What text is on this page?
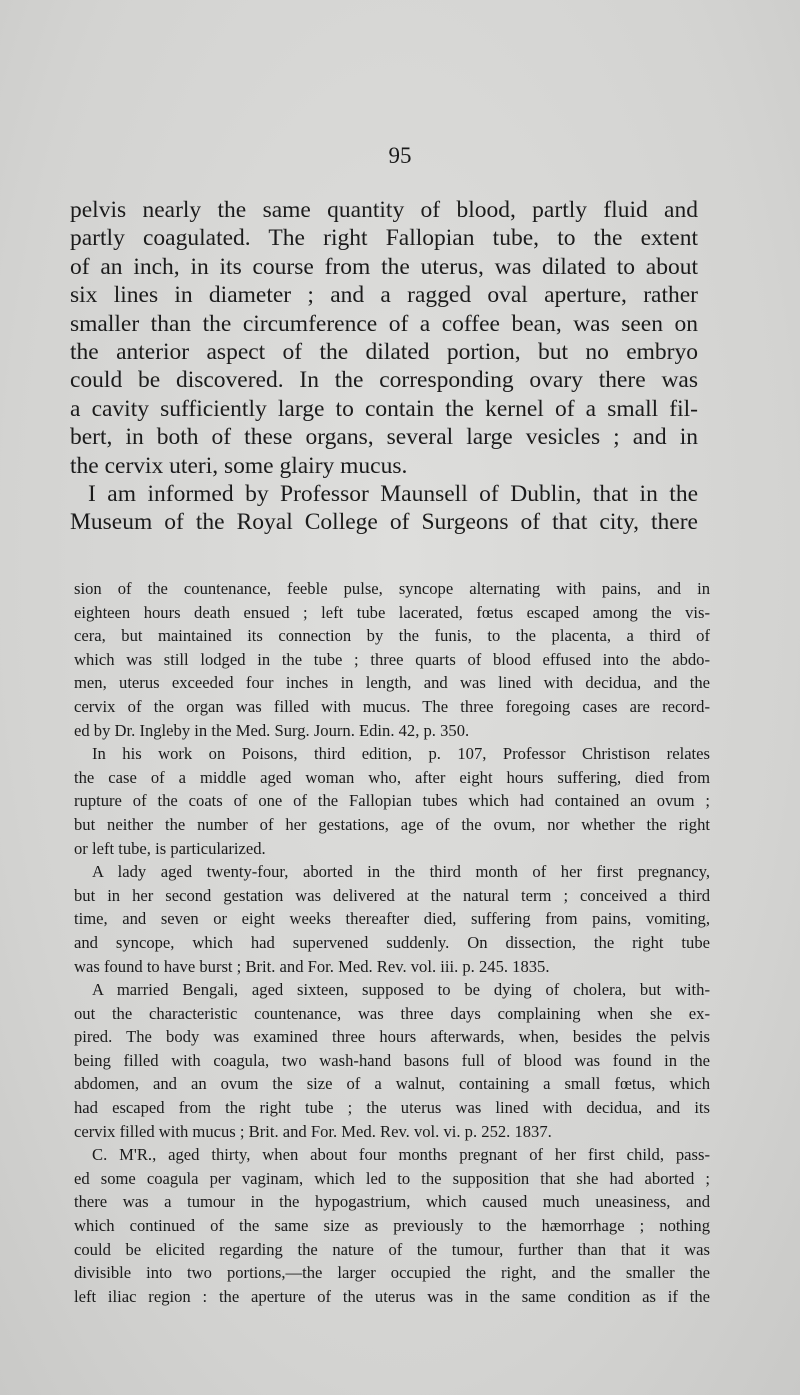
95
pelvis nearly the same quantity of blood, partly fluid and
partly coagulated. The right Fallopian tube, to the extent
of an inch, in its course from the uterus, was dilated to about
six lines in diameter ; and a ragged oval aperture, rather
smaller than the circumference of a coffee bean, was seen on
the anterior aspect of the dilated portion, but no embryo
could be discovered. In the corresponding ovary there was
a cavity sufficiently large to contain the kernel of a small fil-
bert, in both of these organs, several large vesicles ; and in
the cervix uteri, some glairy mucus.
I am informed by Professor Maunsell of Dublin, that in the
Museum of the Royal College of Surgeons of that city, there
sion of the countenance, feeble pulse, syncope alternating with pains, and in
eighteen hours death ensued ; left tube lacerated, fœtus escaped among the vis-
cera, but maintained its connection by the funis, to the placenta, a third of
which was still lodged in the tube ; three quarts of blood effused into the abdo-
men, uterus exceeded four inches in length, and was lined with decidua, and the
cervix of the organ was filled with mucus. The three foregoing cases are record-
ed by Dr. Ingleby in the Med. Surg. Journ. Edin. 42, p. 350.
In his work on Poisons, third edition, p. 107, Professor Christison relates
the case of a middle aged woman who, after eight hours suffering, died from
rupture of the coats of one of the Fallopian tubes which had contained an ovum ;
but neither the number of her gestations, age of the ovum, nor whether the right
or left tube, is particularized.
A lady aged twenty-four, aborted in the third month of her first pregnancy,
but in her second gestation was delivered at the natural term ; conceived a third
time, and seven or eight weeks thereafter died, suffering from pains, vomiting,
and syncope, which had supervened suddenly. On dissection, the right tube
was found to have burst ; Brit. and For. Med. Rev. vol. iii. p. 245. 1835.
A married Bengali, aged sixteen, supposed to be dying of cholera, but with-
out the characteristic countenance, was three days complaining when she ex-
pired. The body was examined three hours afterwards, when, besides the pelvis
being filled with coagula, two wash-hand basons full of blood was found in the
abdomen, and an ovum the size of a walnut, containing a small fœtus, which
had escaped from the right tube ; the uterus was lined with decidua, and its
cervix filled with mucus ; Brit. and For. Med. Rev. vol. vi. p. 252. 1837.
C. M'R., aged thirty, when about four months pregnant of her first child, pass-
ed some coagula per vaginam, which led to the supposition that she had aborted ;
there was a tumour in the hypogastrium, which caused much uneasiness, and
which continued of the same size as previously to the hæmorrhage ; nothing
could be elicited regarding the nature of the tumour, further than that it was
divisible into two portions,—the larger occupied the right, and the smaller the
left iliac region : the aperture of the uterus was in the same condition as if the
